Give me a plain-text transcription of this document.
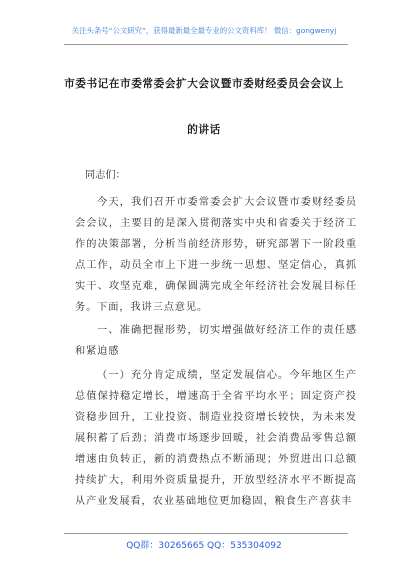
关注头条号“公文研究”，获得最新最全最专业的公文资料库！ 微信：gongwenyj
市委书记在市委常委会扩大会议暨市委财经委员会会议上
的讲话
同志们：
今天，我们召开市委常委会扩大会议暨市委财经委员会会议，主要目的是深入贯彻落实中央和省委关于经济工作的决策部署，分析当前经济形势，研究部署下一阶段重点工作，动员全市上下进一步统一思想、坚定信心，真抓实干、攻坚克难，确保圆满完成全年经济社会发展目标任务。下面，我讲三点意见。
一、准确把握形势，切实增强做好经济工作的责任感和紧迫感
（一）充分肯定成绩，坚定发展信心。今年地区生产总值保持稳定增长，增速高于全省平均水平；固定资产投资稳步回升，工业投资、制造业投资增长较快，为未来发展积蓄了后劲；消费市场逐步回暖，社会消费品零售总额增速由负转正，新的消费热点不断涌现；外贸进出口总额持续扩大，利用外资质量提升，开放型经济水平不断提高从产业发展看，农业基础地位更加稳固，粮食生产喜获丰
QQ群：30265665 QQ：535304092
